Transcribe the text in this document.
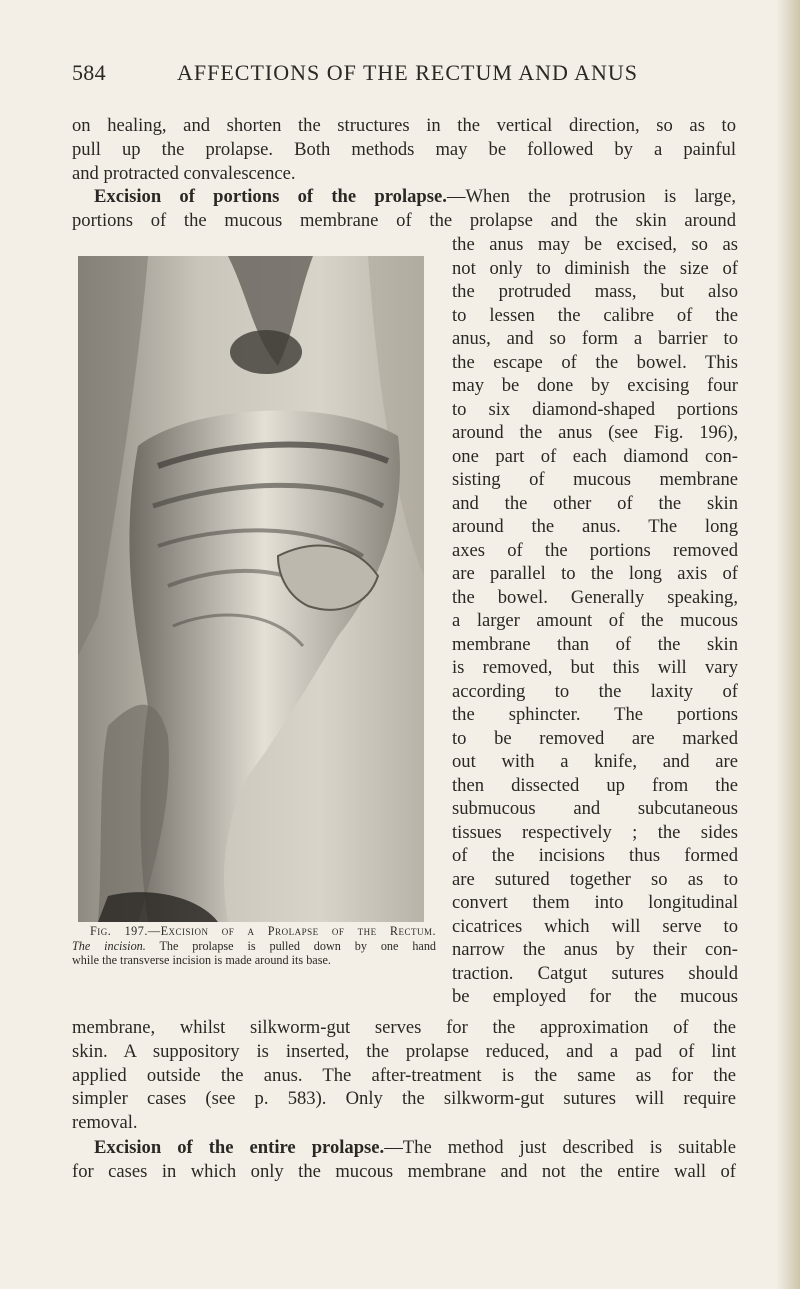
584	AFFECTIONS OF THE RECTUM AND ANUS
on healing, and shorten the structures in the vertical direction, so as to
pull up the prolapse. Both methods may be followed by a painful
and protracted convalescence.
Excision of portions of the prolapse.—When the protrusion is large,
portions of the mucous membrane of the prolapse and the skin around
the anus may be excised, so as
not only to diminish the size of
the protruded mass, but also
to lessen the calibre of the
anus, and so form a barrier to
the escape of the bowel. This
may be done by excising four
to six diamond-shaped portions
around the anus (see Fig. 196),
one part of each diamond con-
sisting of mucous membrane
and the other of the skin
around the anus. The long
axes of the portions removed
are parallel to the long axis of
the bowel. Generally speaking,
a larger amount of the mucous
membrane than of the skin
is removed, but this will vary
according to the laxity of
the sphincter. The portions
to be removed are marked
out with a knife, and are
then dissected up from the
submucous and subcutaneous
tissues respectively ; the sides
of the incisions thus formed
are sutured together so as to
convert them into longitudinal
cicatrices which will serve to
narrow the anus by their con-
traction. Catgut sutures should
be employed for the mucous
Fig. 197.—Excision of a Prolapse of the Rectum.
The incision. The prolapse is pulled down by one hand
while the transverse incision is made around its base.
membrane, whilst silkworm-gut serves for the approximation of the
skin. A suppository is inserted, the prolapse reduced, and a pad of lint
applied outside the anus. The after-treatment is the same as for the
simpler cases (see p. 583). Only the silkworm-gut sutures will require
removal.
Excision of the entire prolapse.—The method just described is suitable
for cases in which only the mucous membrane and not the entire wall of
